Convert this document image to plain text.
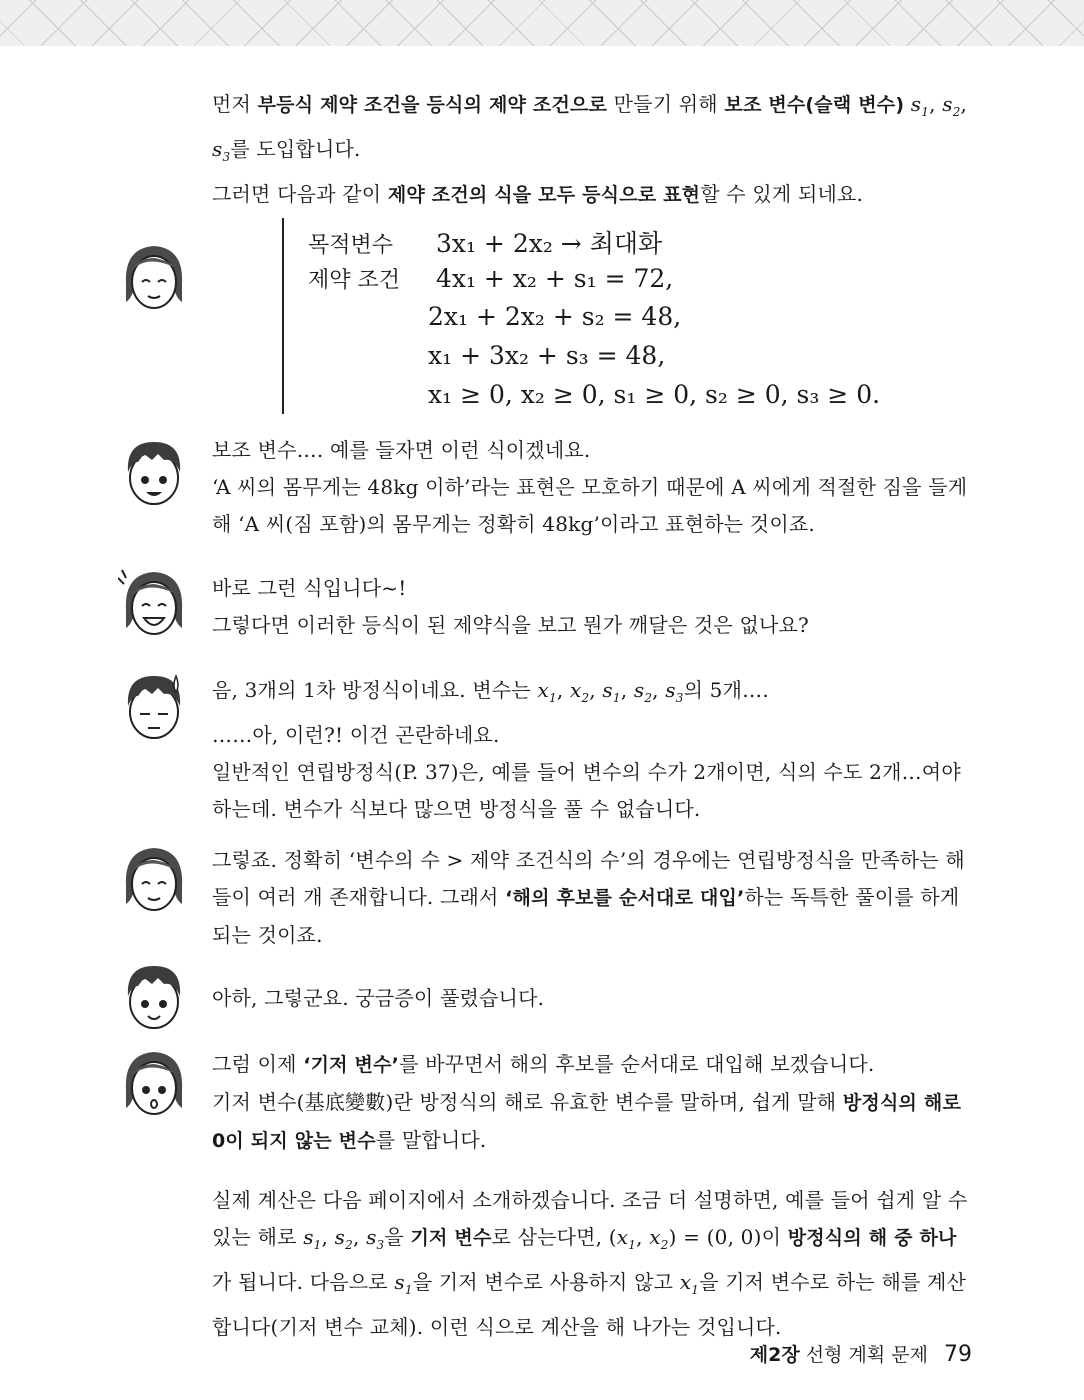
먼저 부등식 제약 조건을 등식의 제약 조건으로 만들기 위해 보조 변수(슬랙 변수) $s_1$, $s_2$, $s_3$를 도입합니다.

그러면 다음과 같이 제약 조건의 식을 모두 등식으로 표현할 수 있게 되네요.

목적변수 3x₁ + 2x₂ → 최대화
제약 조건 4x₁ + x₂ + s₁ = 72,
2x₁ + 2x₂ + s₂ = 48,
x₁ + 3x₂ + s₃ = 48,
x₁ ≥ 0, x₂ ≥ 0, s₁ ≥ 0, s₂ ≥ 0, s₃ ≥ 0.

보조 변수…. 예를 들자면 이런 식이겠네요.

‘A 씨의 몸무게는 48kg 이하’라는 표현은 모호하기 때문에 A 씨에게 적절한 짐을 들게 해 ‘A 씨(짐 포함)의 몸무게는 정확히 48kg’이라고 표현하는 것이죠.

바로 그런 식입니다~!

그렇다면 이러한 등식이 된 제약식을 보고 뭔가 깨달은 것은 없나요?

음, 3개의 1차 방정식이네요. 변수는 $x_1$, $x_2$, $s_1$, $s_2$, $s_3$의 5개….

……아, 이런?! 이건 곤란하네요.

일반적인 연립방정식(P. 37)은, 예를 들어 변수의 수가 2개이면, 식의 수도 2개…여야 하는데. 변수가 식보다 많으면 방정식을 풀 수 없습니다.

그렇죠. 정확히 ‘변수의 수 > 제약 조건식의 수’의 경우에는 연립방정식을 만족하는 해들이 여러 개 존재합니다. 그래서 ‘해의 후보를 순서대로 대입’하는 독특한 풀이를 하게 되는 것이죠.

아하, 그렇군요. 궁금증이 풀렸습니다.

그럼 이제 ‘기저 변수’를 바꾸면서 해의 후보를 순서대로 대입해 보겠습니다.

기저 변수(基底變數)란 방정식의 해로 유효한 변수를 말하며, 쉽게 말해 방정식의 해로 0이 되지 않는 변수를 말합니다.

실제 계산은 다음 페이지에서 소개하겠습니다. 조금 더 설명하면, 예를 들어 쉽게 알 수 있는 해로 $s_1$, $s_2$, $s_3$을 기저 변수로 삼는다면, ($x_1$, $x_2) = (0$, 0)이 방정식의 해 중 하나가 됩니다. 다음으로 $s_1$을 기저 변수로 사용하지 않고 $x_1$을 기저 변수로 하는 해를 계산합니다(기저 변수 교체). 이런 식으로 계산을 해 나가는 것입니다.

제2장 선형 계획 문제 79
